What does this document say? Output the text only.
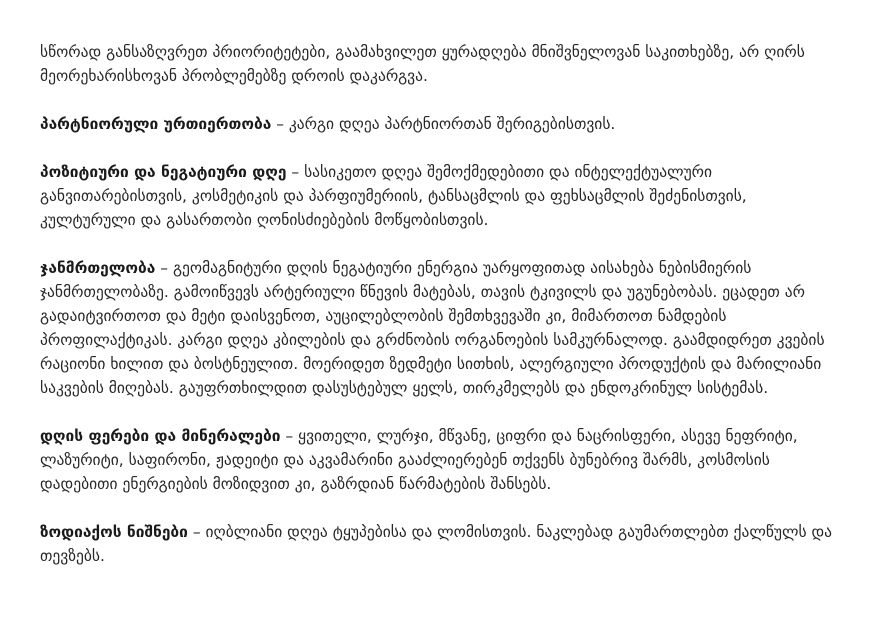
სწორად განსაზღვრეთ პრიორიტეტები, გაამახვილეთ ყურადღება მნიშვნელოვან საკითხებზე, არ ღირს მეორეხარისხოვან პრობლემებზე დროის დაკარგვა.

პარტნიორული ურთიერთობა – კარგი დღეა პარტნიორთან შერიგებისთვის.

პოზიტიური და ნეგატიური დღე – სასიკეთო დღეა შემოქმედებითი და ინტელექტუალური განვითარებისთვის, კოსმეტიკის და პარფიუმერიის, ტანსაცმლის და ფეხსაცმლის შეძენისთვის, კულტურული და გასართობი ღონისძიებების მოწყობისთვის.

ჯანმრთელობა – გეომაგნიტური დღის ნეგატიური ენერგია უარყოფითად აისახება ნებისმიერის ჯანმრთელობაზე. გამოიწვევს არტერიული წნევის მატებას, თავის ტკივილს და უგუნებობას. ეცადეთ არ გადაიტვირთოთ და მეტი დაისვენოთ, აუცილებლობის შემთხვევაში კი, მიმართოთ ნამდების პროფილაქტიკას. კარგი დღეა კბილების და გრძნობის ორგანოების სამკურნალოდ. გაამდიდრეთ კვების რაციონი ხილით და ბოსტნეულით. მოერიდეთ ზედმეტი სითხის, ალერგიული პროდუქტის და მარილიანი საკვების მიღებას. გაუფრთხილდით დასუსტებულ ყელს, თირკმელებს და ენდოკრინულ სისტემას.

დღის ფერები და მინერალები – ყვითელი, ლურჯი, მწვანე, ციფრი და ნაცრისფერი, ასევე ნეფრიტი, ლაზურიტი, საფირონი, ჟადეიტი და აკვამარინი გააძლიერებენ თქვენს ბუნებრივ შარმს, კოსმოსის დადებითი ენერგიების მოზიდვით კი, გაზრდიან წარმატების შანსებს.

ზოდიაქოს ნიშნები – იღბლიანი დღეა ტყუპებისა და ლომისთვის. ნაკლებად გაუმართლებთ ქალწულს და თევზებს.
